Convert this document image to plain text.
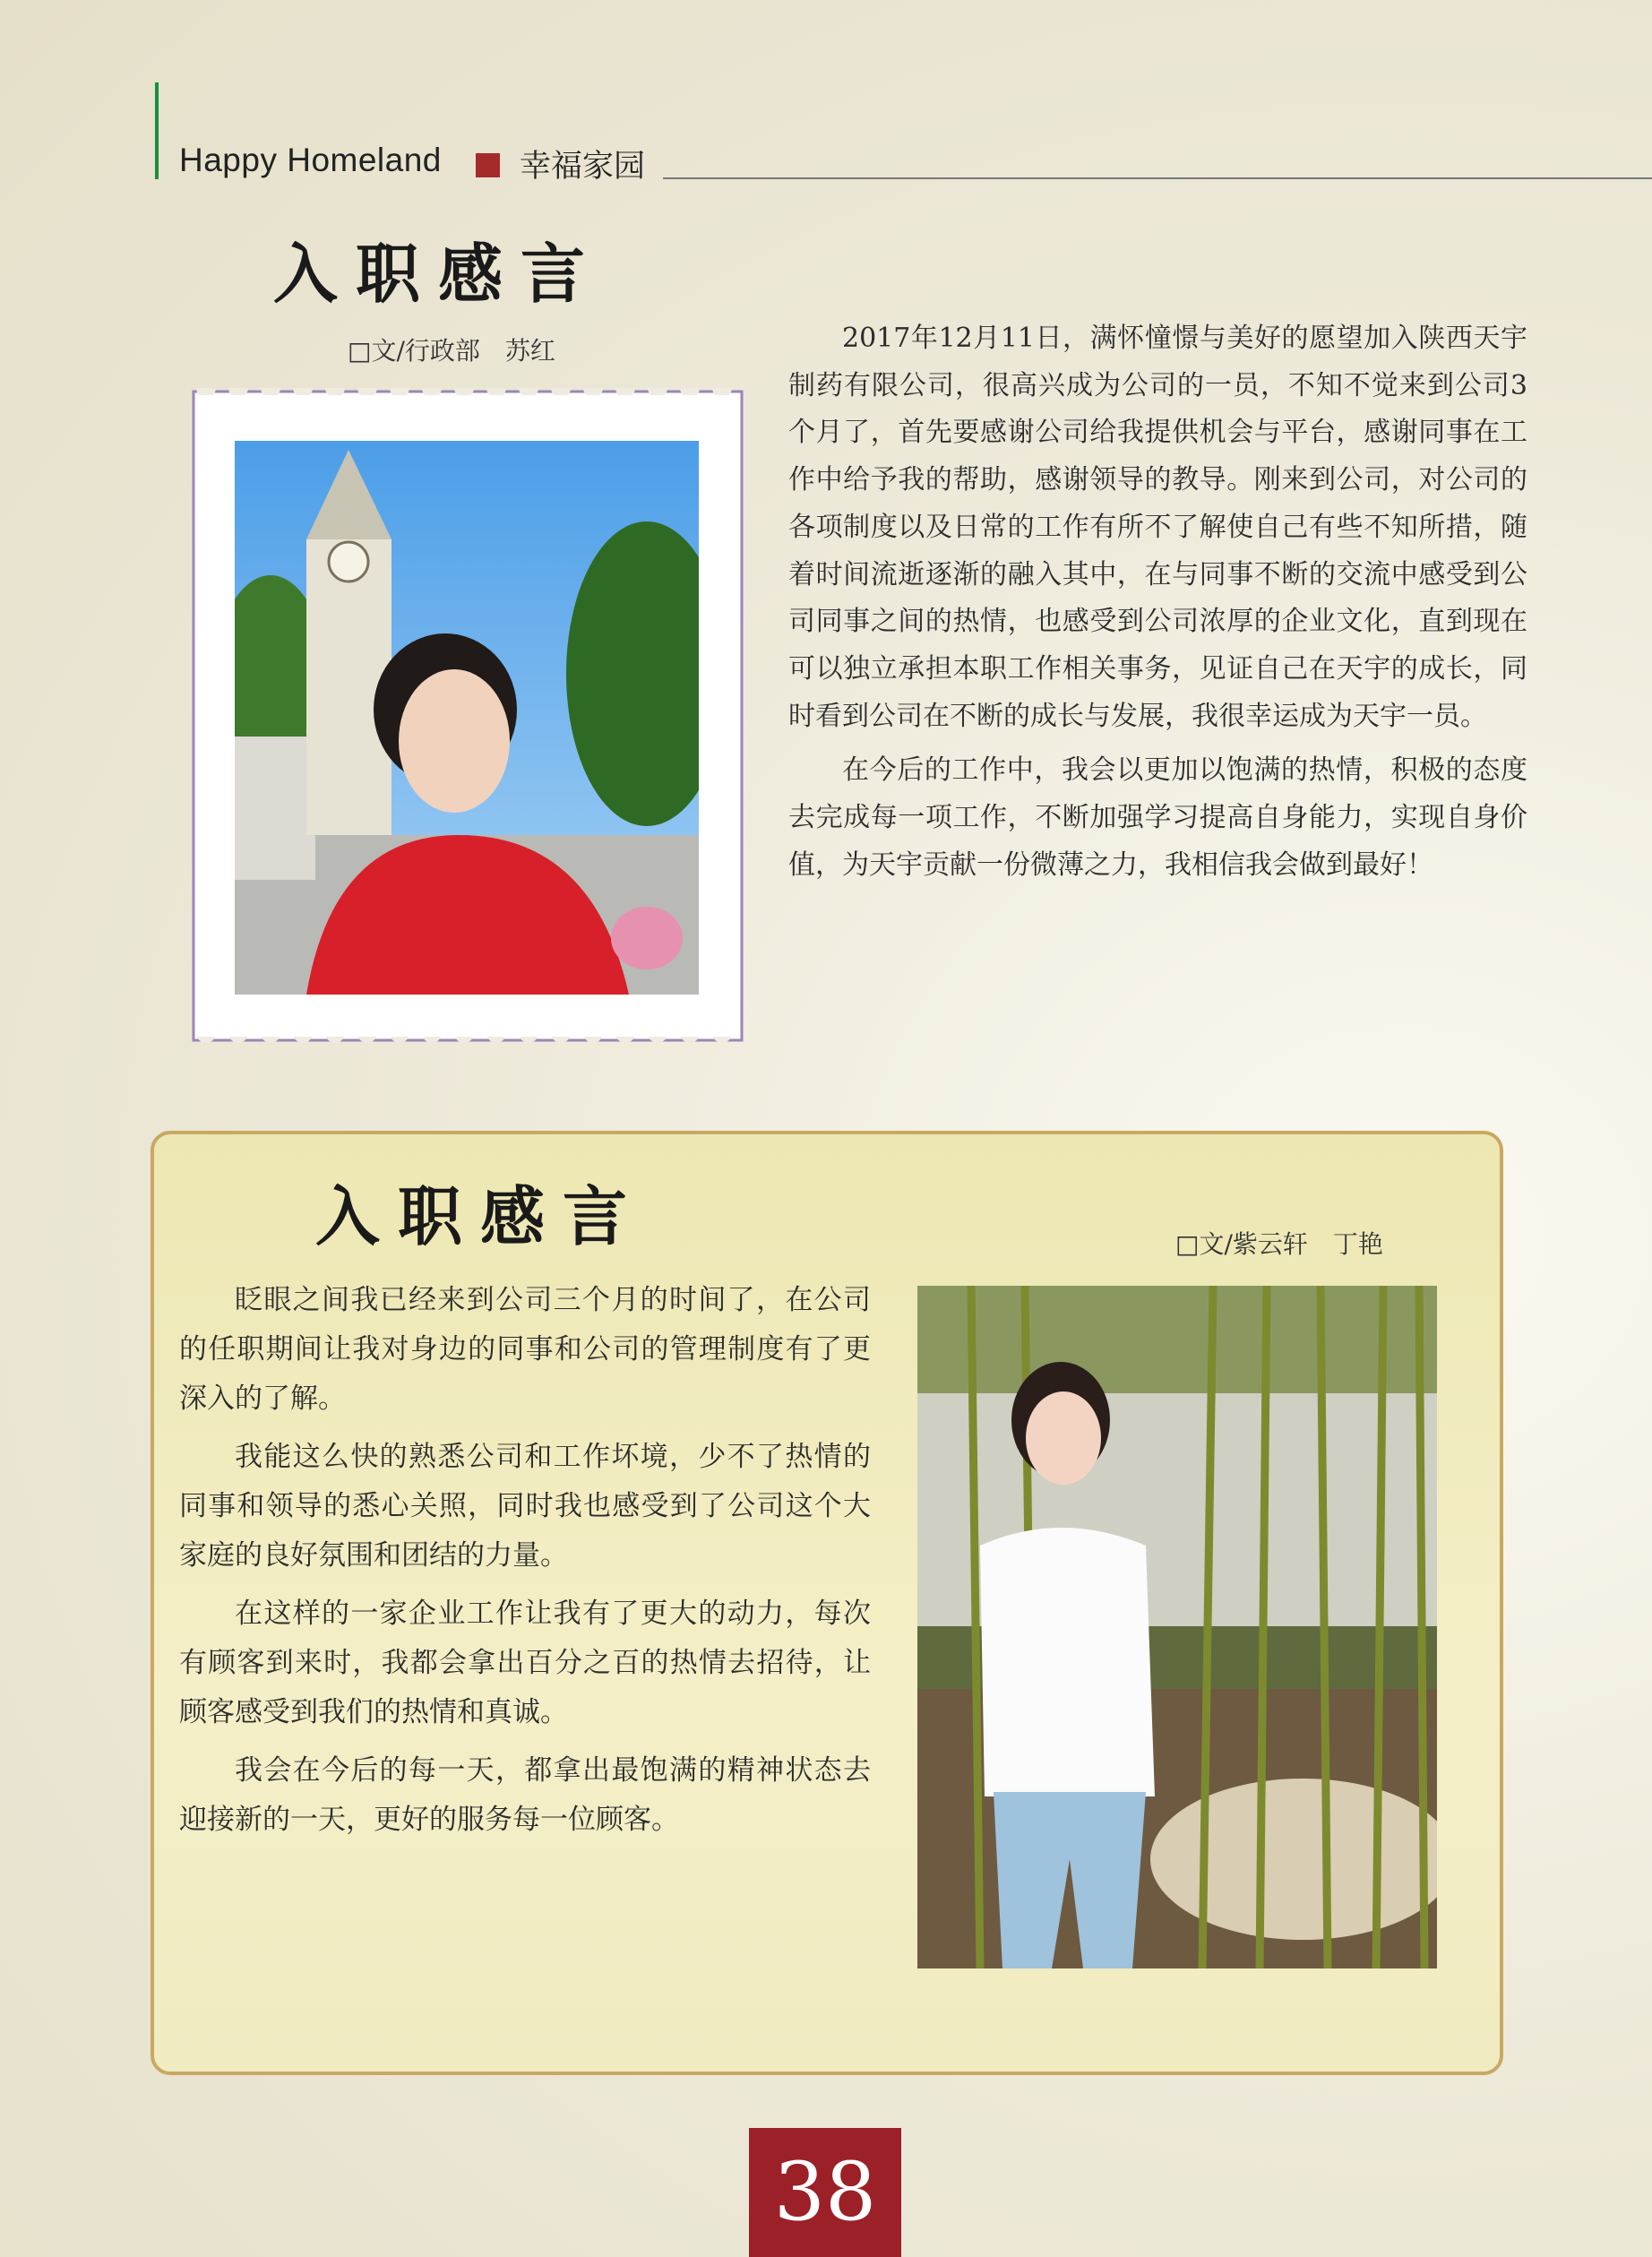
Happy Homeland 幸福家园
入职感言
□文/行政部　苏红	2017年12月11日，满怀憧憬与美好的愿望加入陕西天宇制药有限公司，很高兴成为公司的一员，不知不觉来到公司3个月了，首先要感谢公司给我提供机会与平台，感谢同事在工作中给予我的帮助，感谢领导的教导。刚来到公司，对公司的各项制度以及日常的工作有所不了解使自己有些不知所措，随着时间流逝逐渐的融入其中，在与同事不断的交流中感受到公司同事之间的热情，也感受到公司浓厚的企业文化，直到现在可以独立承担本职工作相关事务，见证自己在天宇的成长，同时看到公司在不断的成长与发展，我很幸运成为天宇一员。

在今后的工作中，我会以更加以饱满的热情，积极的态度去完成每一项工作，不断加强学习提高自身能力，实现自身价值，为天宇贡献一份微薄之力，我相信我会做到最好！

入职感言	□文/紫云轩　丁艳

眨眼之间我已经来到公司三个月的时间了，在公司的任职期间让我对身边的同事和公司的管理制度有了更深入的了解。

我能这么快的熟悉公司和工作坏境，少不了热情的同事和领导的悉心关照，同时我也感受到了公司这个大家庭的良好氛围和团结的力量。

在这样的一家企业工作让我有了更大的动力，每次有顾客到来时，我都会拿出百分之百的热情去招待，让顾客感受到我们的热情和真诚。

我会在今后的每一天，都拿出最饱满的精神状态去迎接新的一天，更好的服务每一位顾客。

38
